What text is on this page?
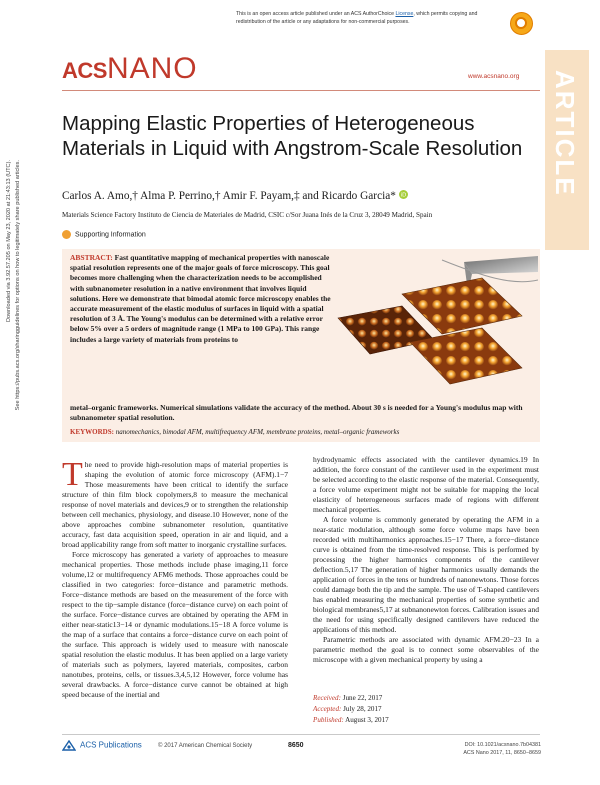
This is an open access article published under an ACS AuthorChoice License, which permits copying and redistribution of the article or any adaptations for non-commercial purposes.
ACSNANO	www.acsnano.org ARTICLE
Downloaded via 3.92.57.205 on May 23, 2020 at 21:43:13 (UTC). See https://pubs.acs.org/sharingguidelines for options on how to legitimately share published articles.
Mapping Elastic Properties of Heterogeneous Materials in Liquid with Angstrom-Scale Resolution
Carlos A. Amo,† Alma P. Perrino,† Amir F. Payam,‡ and Ricardo Garcia* iD
Materials Science Factory Instituto de Ciencia de Materiales de Madrid, CSIC c/Sor Juana Inés de la Cruz 3, 28049 Madrid, Spain
Supporting Information
ABSTRACT: Fast quantitative mapping of mechanical properties with nanoscale spatial resolution represents one of the major goals of force microscopy. This goal becomes more challenging when the characterization needs to be accomplished with subnanometer resolution in a native environment that involves liquid solutions. Here we demonstrate that bimodal atomic force microscopy enables the accurate measurement of the elastic modulus of surfaces in liquid with a spatial resolution of 3 Å. The Young's modulus can be determined with a relative error below 5% over a 5 orders of magnitude range (1 MPa to 100 GPa). This range includes a large variety of materials from proteins to
metal–organic frameworks. Numerical simulations validate the accuracy of the method. About 30 s is needed for a Young's modulus map with subnanometer spatial resolution.
KEYWORDS: nanomechanics, bimodal AFM, multifrequency AFM, membrane proteins, metal–organic frameworks

The need to provide high-resolution maps of material properties is shaping the evolution of atomic force microscopy (AFM).1−7 Those measurements have been critical to identify the surface structure of thin film block copolymers,8 to measure the mechanical response of novel materials and devices,9 or to strengthen the relationship between cell mechanics, physiology, and disease.10 However, none of the above approaches combine subnanometer resolution, quantitative accuracy, fast data acquisition speed, operation in air and liquid, and a broad applicability range from soft matter to inorganic crystalline surfaces.

Force microscopy has generated a variety of approaches to measure mechanical properties. Those methods include phase imaging,11 force volume,12 or multifrequency AFM6 methods. Those approaches could be classified in two categories: force−distance and parametric methods. Force−distance methods are based on the measurement of the force with respect to the tip−sample distance (force−distance curve) on each point of the surface. Force−distance curves are obtained by operating the AFM in either near-static13−14 or dynamic modulations.15−18 A force volume is the map of a surface that contains a force−distance curve on each point of the surface. This approach is widely used to measure with nanoscale spatial resolution the elastic modulus. It has been applied on a large variety of materials such as polymers, layered materials, composites, carbon nanotubes, proteins, cells, or tissues.3,4,5,12 However, force volume has several drawbacks. A force−distance curve cannot be obtained at high speed because of the inertial and

hydrodynamic effects associated with the cantilever dynamics.19 In addition, the force constant of the cantilever used in the experiment must be selected according to the elastic response of the material. Consequently, a force volume experiment might not be suitable for mapping the local elasticity of heterogeneous surfaces made of regions with different mechanical properties.

A force volume is commonly generated by operating the AFM in a near-static modulation, although some force volume maps have been recorded with multiharmonics approaches.15−17 There, a force−distance curve is obtained from the time-resolved response. This is performed by processing the higher harmonics components of the cantilever deflection.5,17 The generation of higher harmonics usually demands the application of forces in the tens or hundreds of nanonewtons. Those forces could damage both the tip and the sample. The use of T-shaped cantilevers has enabled measuring the mechanical properties of some synthetic and biological membranes5,17 at subnanonewton forces. Calibration issues and the need for using specifically designed cantilevers have reduced the applications of this method.

Parametric methods are associated with dynamic AFM.20−23 In a parametric method the goal is to connect some observables of the microscope with a given mechanical property by using a

Received: June 22, 2017
Accepted: July 28, 2017
Published: August 3, 2017
ACS Publications	© 2017 American Chemical Society	8650	DOI: 10.1021/acsnano.7b04381
ACS Nano 2017, 11, 8650−8659
